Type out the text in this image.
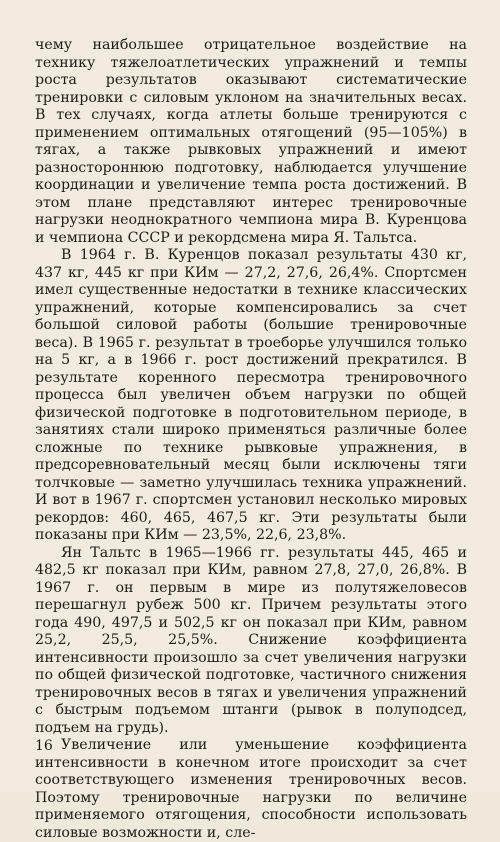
чему наибольшее отрицательное воздействие на технику тяжелоатлетических упражнений и темпы роста результатов оказывают систематические тренировки с силовым уклоном на значительных весах. В тех случаях, когда атлеты больше тренируются с применением оптимальных отягощений (95—105%) в тягах, а также рывковых упражнений и имеют разностороннюю подготовку, наблюдается улучшение координации и увеличение темпа роста достижений. В этом плане представляют интерес тренировочные нагрузки неоднократного чемпиона мира В. Куренцова и чемпиона СССР и рекордсмена мира Я. Тальтса.

В 1964 г. В. Куренцов показал результаты 430 кг, 437 кг, 445 кг при КИм — 27,2, 27,6, 26,4%. Спортсмен имел существенные недостатки в технике классических упражнений, которые компенсировались за счет большой силовой работы (большие тренировочные веса). В 1965 г. результат в троеборье улучшился только на 5 кг, а в 1966 г. рост достижений прекратился. В результате коренного пересмотра тренировочного процесса был увеличен объем нагрузки по общей физической подготовке в подготовительном периоде, в занятиях стали широко применяться различные более сложные по технике рывковые упражнения, в предсоревновательный месяц были исключены тяги толчковые — заметно улучшилась техника упражнений. И вот в 1967 г. спортсмен установил несколько мировых рекордов: 460, 465, 467,5 кг. Эти результаты были показаны при КИм — 23,5%, 22,6, 23,8%.

Ян Тальтс в 1965—1966 гг. результаты 445, 465 и 482,5 кг показал при КИм, равном 27,8, 27,0, 26,8%. В 1967 г. он первым в мире из полутяжеловесов перешагнул рубеж 500 кг. Причем результаты этого года 490, 497,5 и 502,5 кг он показал при КИм, равном 25,2, 25,5, 25,5%. Снижение коэффициента интенсивности произошло за счет увеличения нагрузки по общей физической подготовке, частичного снижения тренировочных весов в тягах и увеличения упражнений с быстрым подъемом штанги (рывок в полуподсед, подъем на грудь).

Увеличение или уменьшение коэффициента интенсивности в конечном итоге происходит за счет соответствующего изменения тренировочных весов. Поэтому тренировочные нагрузки по величине применяемого отягощения, способности использовать силовые возможности и, сле-

16
